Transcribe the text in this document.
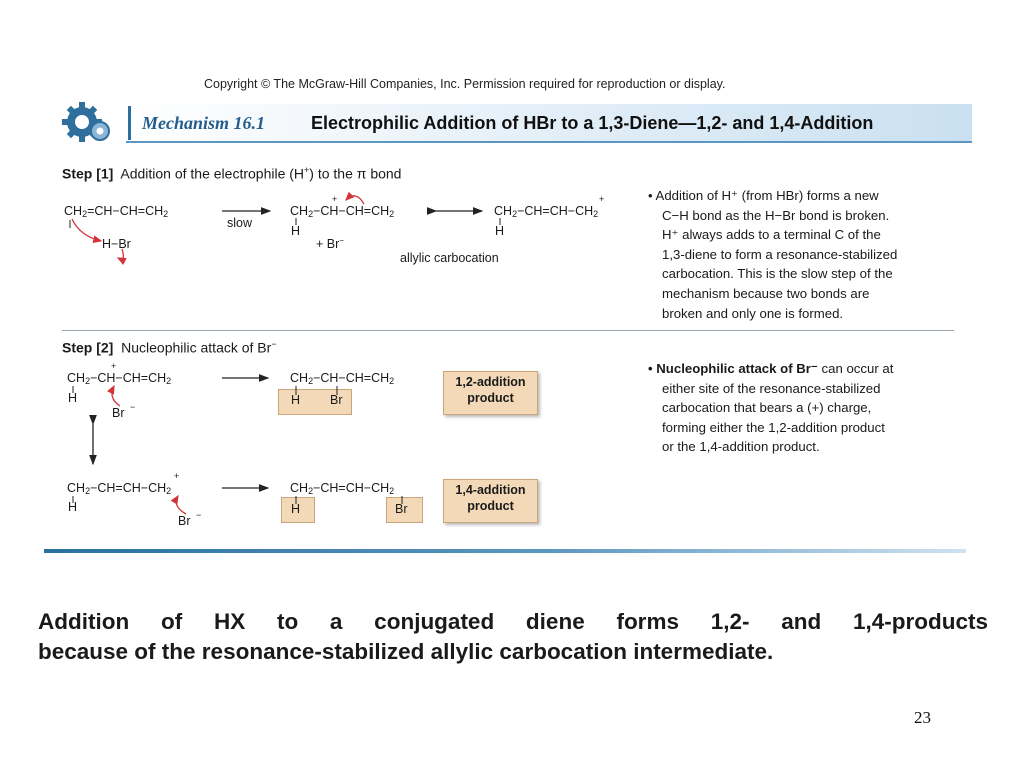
Copyright © The McGraw-Hill Companies, Inc. Permission required for reproduction or display.
Mechanism 16.1	Electrophilic Addition of HBr to a 1,3-Diene—1,2- and 1,4-Addition
Step [1] Addition of the electrophile (H+) to the π bond
$CH_2=CH-CH=CH_2$
H−Br
slow
$CH_2-CH-CH=CH_2$
H
+
+ Br−
$CH_2-CH=CH-CH_2$
H
+
allylic carbocation
• Addition of H⁺ (from HBr) forms a new
C−H bond as the H−Br bond is broken.
H⁺ always adds to a terminal C of the
1,3-diene to form a resonance-stabilized
carbocation. This is the slow step of the
mechanism because two bonds are
broken and only one is formed.
Step [2] Nucleophilic attack of Br−
$CH_2-CH-CH=CH_2$
+
H
Br −
$CH_2-CH-CH=CH_2$
H Br
1,2-addition
product
$CH_2-CH=CH-CH_2$
+
H
Br −
$CH_2-CH=CH-CH_2$
H	Br
1,4-addition
product
• Nucleophilic attack of Br⁻ can occur at
either site of the resonance-stabilized
carbocation that bears a (+) charge,
forming either the 1,2-addition product
or the 1,4-addition product.
Addition of HX to a conjugated diene forms 1,2- and 1,4-products
because of the resonance-stabilized allylic carbocation intermediate.
23
